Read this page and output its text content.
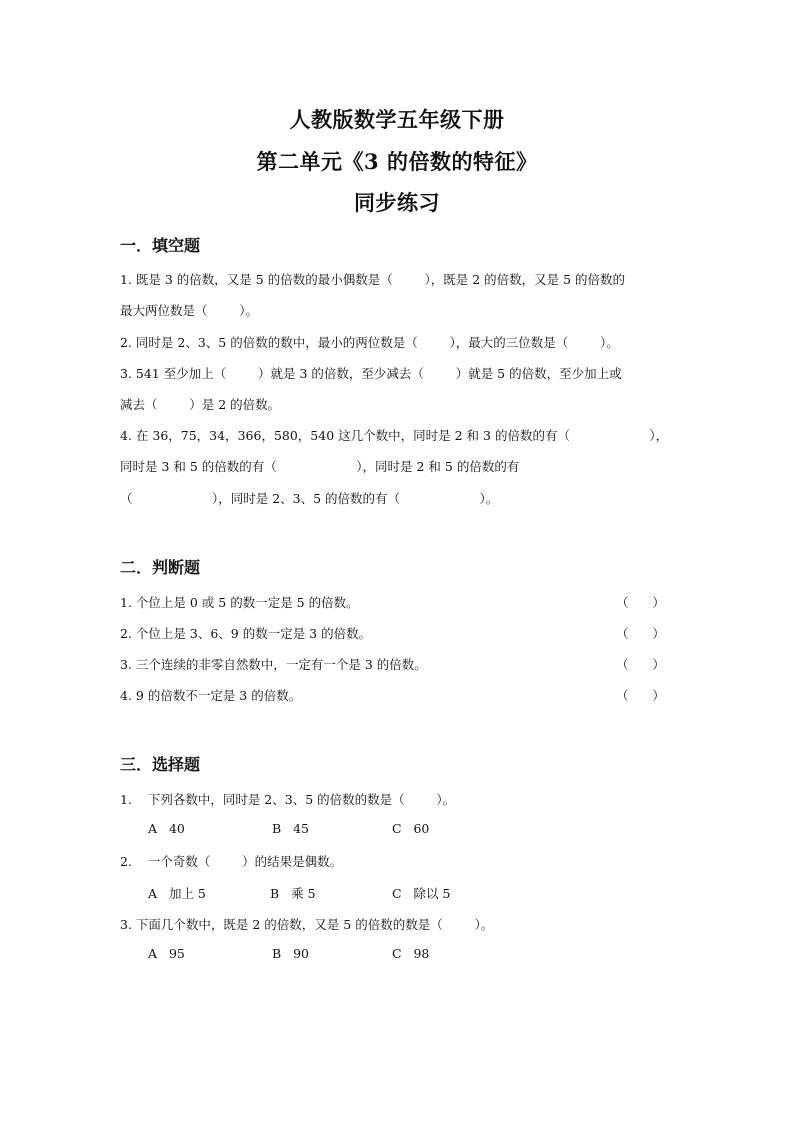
人教版数学五年级下册
第二单元《3 的倍数的特征》
同步练习
一．填空题
1. 既是 3 的倍数，又是 5 的倍数的最小偶数是（        ），既是 2 的倍数，又是 5 的倍数的
最大两位数是（        ）。
2. 同时是 2、3、5 的倍数的数中，最小的两位数是（        ），最大的三位数是（        ）。
3. 541 至少加上（        ）就是 3 的倍数，至少减去（        ）就是 5 的倍数，至少加上或
减去（        ）是 2 的倍数。
4. 在 36，75，34，366，580，540 这几个数中，同时是 2 和 3 的倍数的有（                    ），
同时是 3 和 5 的倍数的有（                    ），同时是 2 和 5 的倍数的有
（                    ），同时是 2、3、5 的倍数的有（                    ）。
二．判断题
1. 个位上是 0 或 5 的数一定是 5 的倍数。	（      ）
2. 个位上是 3、6、9 的数一定是 3 的倍数。	（      ）
3. 三个连续的非零自然数中，一定有一个是 3 的倍数。	（      ）
4. 9 的倍数不一定是 3 的倍数。	（      ）
三．选择题
1.    下列各数中，同时是 2、3、5 的倍数的数是（        ）。
A   40	B   45	C   60
2.    一个奇数（        ）的结果是偶数。
A   加上 5	B   乘 5	C   除以 5
3. 下面几个数中，既是 2 的倍数，又是 5 的倍数的数是（        ）。
A   95	B   90	C   98
